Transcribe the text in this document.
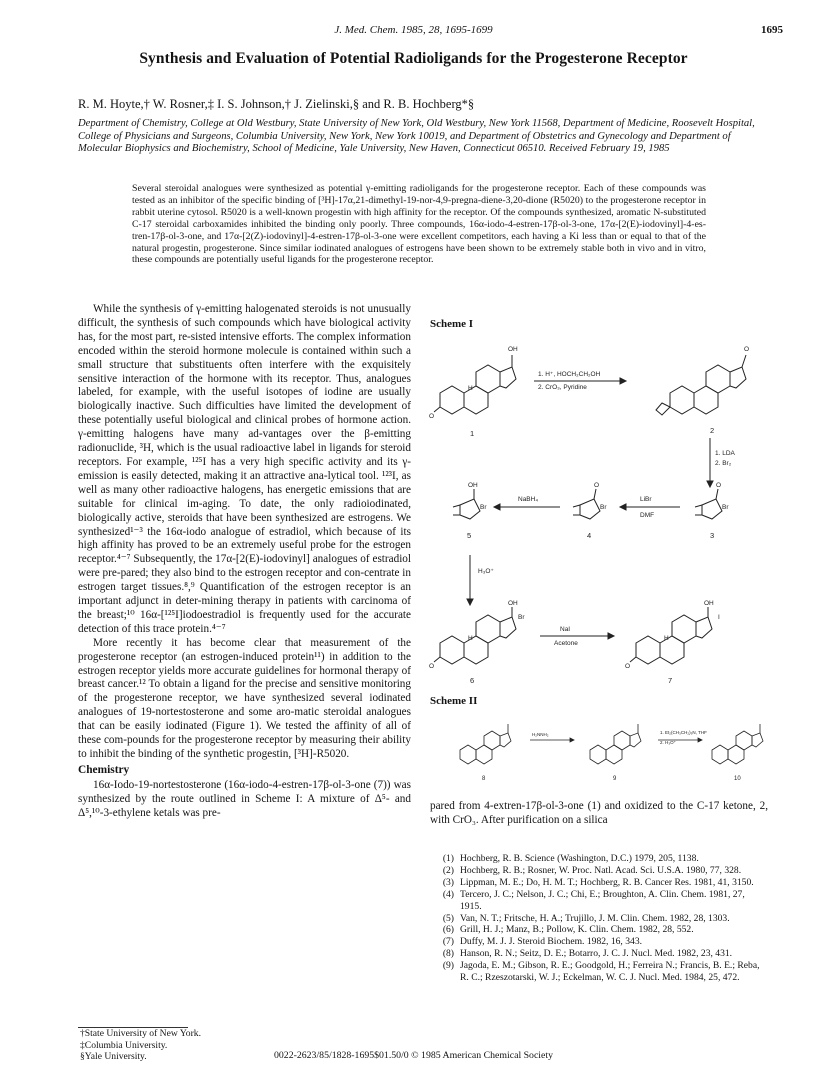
J. Med. Chem. 1985, 28, 1695-1699	1695
Synthesis and Evaluation of Potential Radioligands for the Progesterone Receptor
R. M. Hoyte,† W. Rosner,‡ I. S. Johnson,† J. Zielinski,§ and R. B. Hochberg*§
Department of Chemistry, College at Old Westbury, State University of New York, Old Westbury, New York 11568, Department of Medicine, Roosevelt Hospital, College of Physicians and Surgeons, Columbia University, New York, New York 10019, and Department of Obstetrics and Gynecology and Department of Molecular Biophysics and Biochemistry, School of Medicine, Yale University, New Haven, Connecticut 06510. Received February 19, 1985
Several steroidal analogues were synthesized as potential γ-emitting radioligands for the progesterone receptor. Each of these compounds was tested as an inhibitor of the specific binding of [³H]-17α,21-dimethyl-19-nor-4,9-pregna-diene-3,20-dione (R5020) to the progesterone receptor in rabbit uterine cytosol. R5020 is a well-known progestin with high affinity for the receptor. Of the compounds synthesized, aromatic N-substituted C-17 steroidal carboxamides inhibited the binding only poorly. Three compounds, 16α-iodo-4-estren-17β-ol-3-one, 17α-[2(E)-iodovinyl]-4-es-tren-17β-ol-3-one, and 17α-[2(Z)-iodovinyl]-4-estren-17β-ol-3-one were excellent competitors, each having a Ki less than or equal to that of the natural progestin, progesterone. Since similar iodinated analogues of estrogens have been shown to be extremely stable both in vivo and in vitro, these compounds are potentially useful ligands for the progesterone receptor.

While the synthesis of γ-emitting halogenated steroids is not unusually difficult, the synthesis of such compounds which have biological activity has, for the most part, re-sisted intensive efforts. The complex information encoded within the steroid hormone molecule is contained within such a small structure that substituents often interfere with the exquisitely sensitive interaction of the hormone with its receptor. Thus, analogues labeled, for example, with the useful isotopes of iodine are usually biologically inactive. Such difficulties have limited the development of these potentially useful biological and clinical probes of hormone action. γ-emitting halogens have many ad-vantages over the β-emitting radionuclide, ³H, which is the usual radioactive label in ligands for steroid receptors. For example, ¹²⁵I has a very high specific activity and its γ-emission is easily detected, making it an attractive ana-lytical tool. ¹²³I, as well as many other radioactive halogens, has energetic emissions that are suitable for clinical im-aging. To date, the only radioiodinated, biologically active, steroids that have been synthesized are estrogens. We synthesized¹⁻³ the 16α-iodo analogue of estradiol, which because of its high affinity has proved to be an extremely useful probe for the estrogen receptor.⁴⁻⁷ Subsequently, the 17α-[2(E)-iodovinyl] analogues of estradiol were pre-pared; they also bind to the estrogen receptor and con-centrate in estrogen target tissues.⁸,⁹ Quantification of the estrogen receptor is an important adjunct in deter-mining therapy in patients with carcinoma of the breast;¹⁰ 16α-[¹²⁵I]iodoestradiol is frequently used for the accurate detection of this trace protein.⁴⁻⁷

More recently it has become clear that measurement of the progesterone receptor (an estrogen-induced protein¹¹) in addition to the estrogen receptor yields more accurate guidelines for hormonal therapy of breast cancer.¹² To obtain a ligand for the precise and sensitive monitoring of the progesterone receptor, we have synthesized several iodinated analogues of 19-nortestosterone and some aro-matic steroidal analogues that can be easily iodinated (Figure 1). We tested the affinity of all of these com-pounds for the progesterone receptor by measuring their ability to inhibit the binding of the synthetic progestin, [³H]-R5020.

Chemistry

16α-Iodo-19-nortestosterone (16α-iodo-4-estren-17β-ol-3-one (7)) was synthesized by the route outlined in Scheme I: A mixture of Δ⁵- and Δ⁵,¹⁰-3-ethylene ketals was pre-

†State University of New York.
‡Columbia University.
§Yale University.
Scheme I
OH
H
O
O
1. H⁺, HOCH₂CH₂OH
2. CrO₃, Pyridine
1. LDA
2. Br₂
Br
O
LiBr
DMF
Br
O
NaBH₄
Br
OH
H₃O⁺
OH
Br
H
O
NaI
Acetone
OH
I
H
O
1	2
3
4
5
6	7
Scheme II
H₂NNH₂	1. Et₂(CH₃CH₂)₃N, THF
2. H₃O⁺
8	9	10
pared from 4-extren-17β-ol-3-one (1) and oxidized to the C-17 ketone, 2, with CrO₃. After purification on a silica
(1) Hochberg, R. B. Science (Washington, D.C.) 1979, 205, 1138.
(2) Hochberg, R. B.; Rosner, W. Proc. Natl. Acad. Sci. U.S.A. 1980, 77, 328.
(3) Lippman, M. E.; Do, H. M. T.; Hochberg, R. B. Cancer Res. 1981, 41, 3150.
(4) Tercero, J. C.; Nelson, J. C.; Chi, E.; Broughton, A. Clin. Chem. 1981, 27, 1915.
(5) Van, N. T.; Fritsche, H. A.; Trujillo, J. M. Clin. Chem. 1982, 28, 1303.
(6) Grill, H. J.; Manz, B.; Pollow, K. Clin. Chem. 1982, 28, 552.
(7) Duffy, M. J. J. Steroid Biochem. 1982, 16, 343.
(8) Hanson, R. N.; Seitz, D. E.; Botarro, J. C. J. Nucl. Med. 1982, 23, 431.
(9) Jagoda, E. M.; Gibson, R. E.; Goodgold, H.; Ferreira N.; Francis, B. E.; Reba, R. C.; Rzeszotarski, W. J.; Eckelman, W. C. J. Nucl. Med. 1984, 25, 472.
0022-2623/85/1828-1695$01.50/0 © 1985 American Chemical Society
